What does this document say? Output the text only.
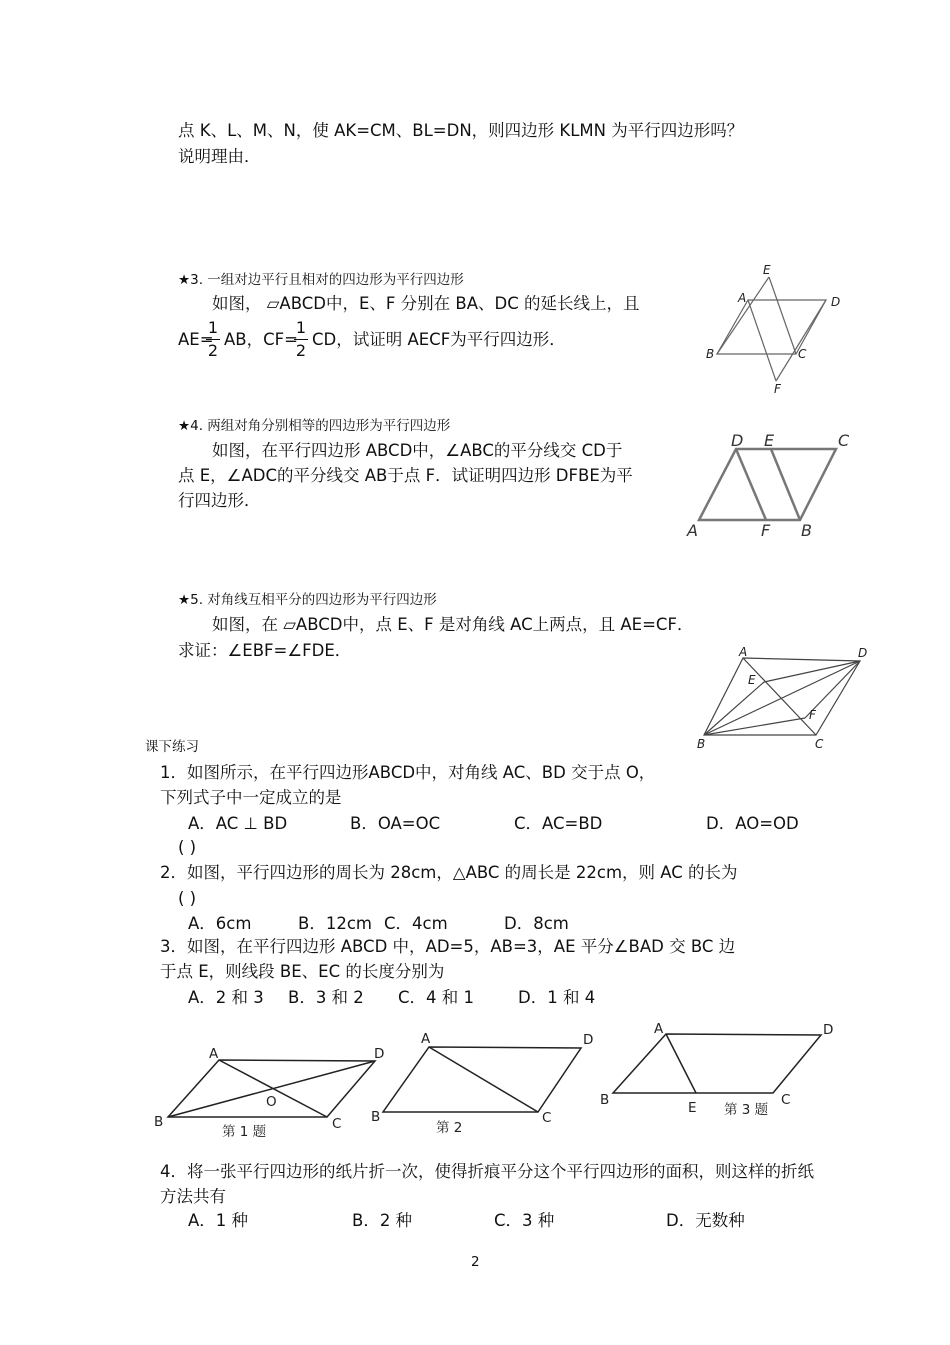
点 K、L、M、N，使 AK=CM、BL=DN，则四边形 KLMN 为平行四边形吗？
说明理由．
★3. 一组对边平行且相对的四边形为平行四边形
如图， ▱ABCD中，E、F 分别在 BA、DC 的延长线上，且
AE=
1
2
AB，CF=
1
2
CD，试证明 AECF为平行四边形．
★4. 两组对角分别相等的四边形为平行四边形
如图，在平行四边形 ABCD中，∠ABC的平分线交 CD于
点 E，∠ADC的平分线交 AB于点 F．试证明四边形 DFBE为平
行四边形．
★5. 对角线互相平分的四边形为平行四边形
如图，在 ▱ABCD中，点 E、F 是对角线 AC上两点，且 AE=CF．
求证：∠EBF=∠FDE．
课下练习
1．如图所示，在平行四边形ABCD中，对角线 AC、BD 交于点 O，
下列式子中一定成立的是
A．AC ⊥ BD	B．OA=OC	C．AC=BD	D．AO=OD
( )
2．如图，平行四边形的周长为 28cm，△ABC 的周长是 22cm，则 AC 的长为
( )
A．6cm	B．12cm C．4cm	D．8cm
3．如图，在平行四边形 ABCD 中，AD=5，AB=3，AE 平分∠BAD 交 BC 边
于点 E，则线段 BE、EC 的长度分别为
A．2 和 3 B．3 和 2 C．4 和 1	D．1 和 4
4．将一张平行四边形的纸片折一次，使得折痕平分这个平行四边形的面积，则这样的折纸
方法共有
A．1 种	B．2 种	C．3 种	D．无数种
2
E
A	D
B	C
F
D E	C
A	F B
A	D
E
F
B	C
A	D
O
B	C
第 1 题
A	D
B	C
第 2
A	D
B	E	C
第 3 题
